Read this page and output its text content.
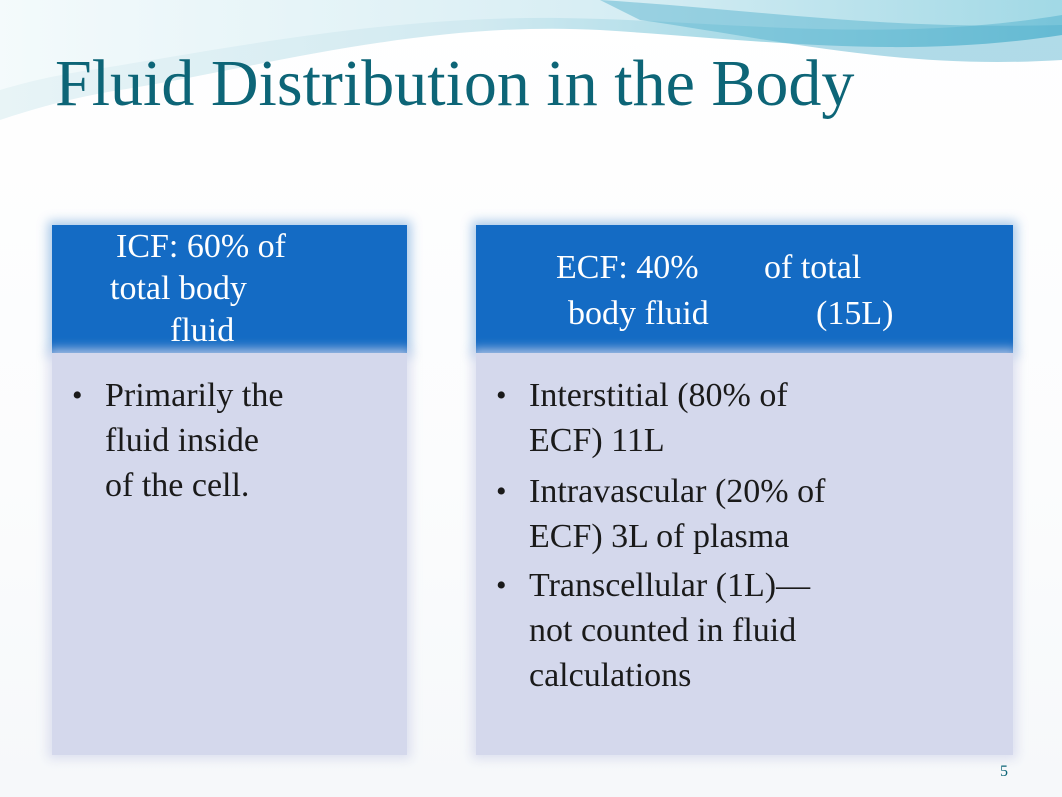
Fluid Distribution in the Body
ICF: 60% of
total body
fluid
• Primarily the
fluid inside
of the cell.
ECF: 40% of total
body fluid	(15L)
• Interstitial (80% of
ECF) 11L
• Intravascular (20% of
ECF) 3L of plasma
• Transcellular (1L)—
not counted in fluid
calculations
5
